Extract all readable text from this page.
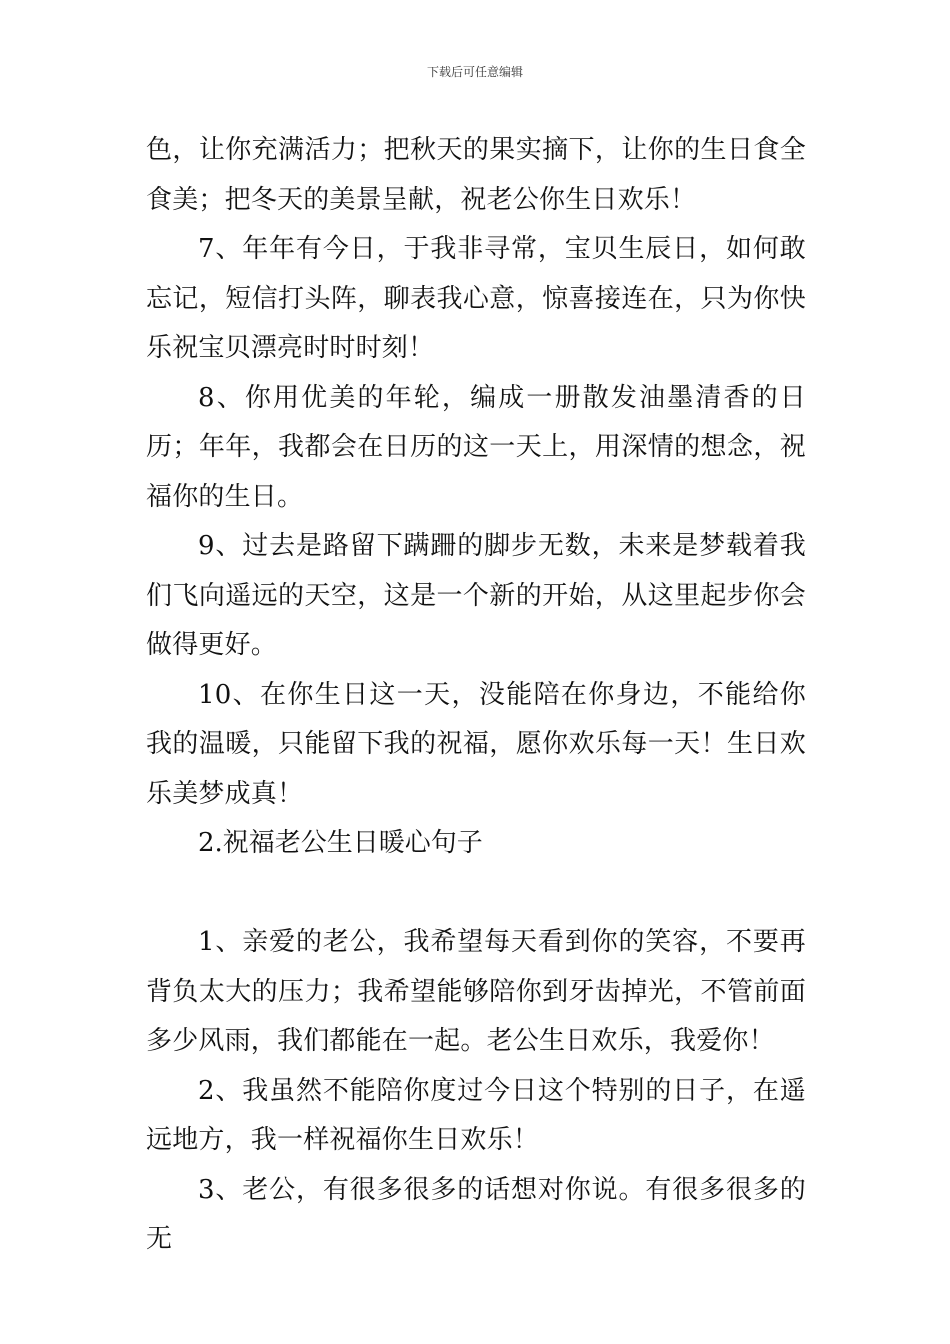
下载后可任意编辑

色，让你充满活力；把秋天的果实摘下，让你的生日食全食美；把冬天的美景呈献，祝老公你生日欢乐！

7、年年有今日，于我非寻常，宝贝生辰日，如何敢忘记，短信打头阵，聊表我心意，惊喜接连在，只为你快乐祝宝贝漂亮时时时刻！

8、你用优美的年轮，编成一册散发油墨清香的日历；年年，我都会在日历的这一天上，用深情的想念，祝福你的生日。

9、过去是路留下蹒跚的脚步无数，未来是梦载着我们飞向遥远的天空，这是一个新的开始，从这里起步你会做得更好。

10、在你生日这一天，没能陪在你身边，不能给你我的温暖，只能留下我的祝福，愿你欢乐每一天！生日欢乐美梦成真！

2.祝福老公生日暖心句子

1、亲爱的老公，我希望每天看到你的笑容，不要再背负太大的压力；我希望能够陪你到牙齿掉光，不管前面多少风雨，我们都能在一起。老公生日欢乐，我爱你！

2、我虽然不能陪你度过今日这个特别的日子，在遥远地方，我一样祝福你生日欢乐！

3、老公，有很多很多的话想对你说。有很多很多的无
